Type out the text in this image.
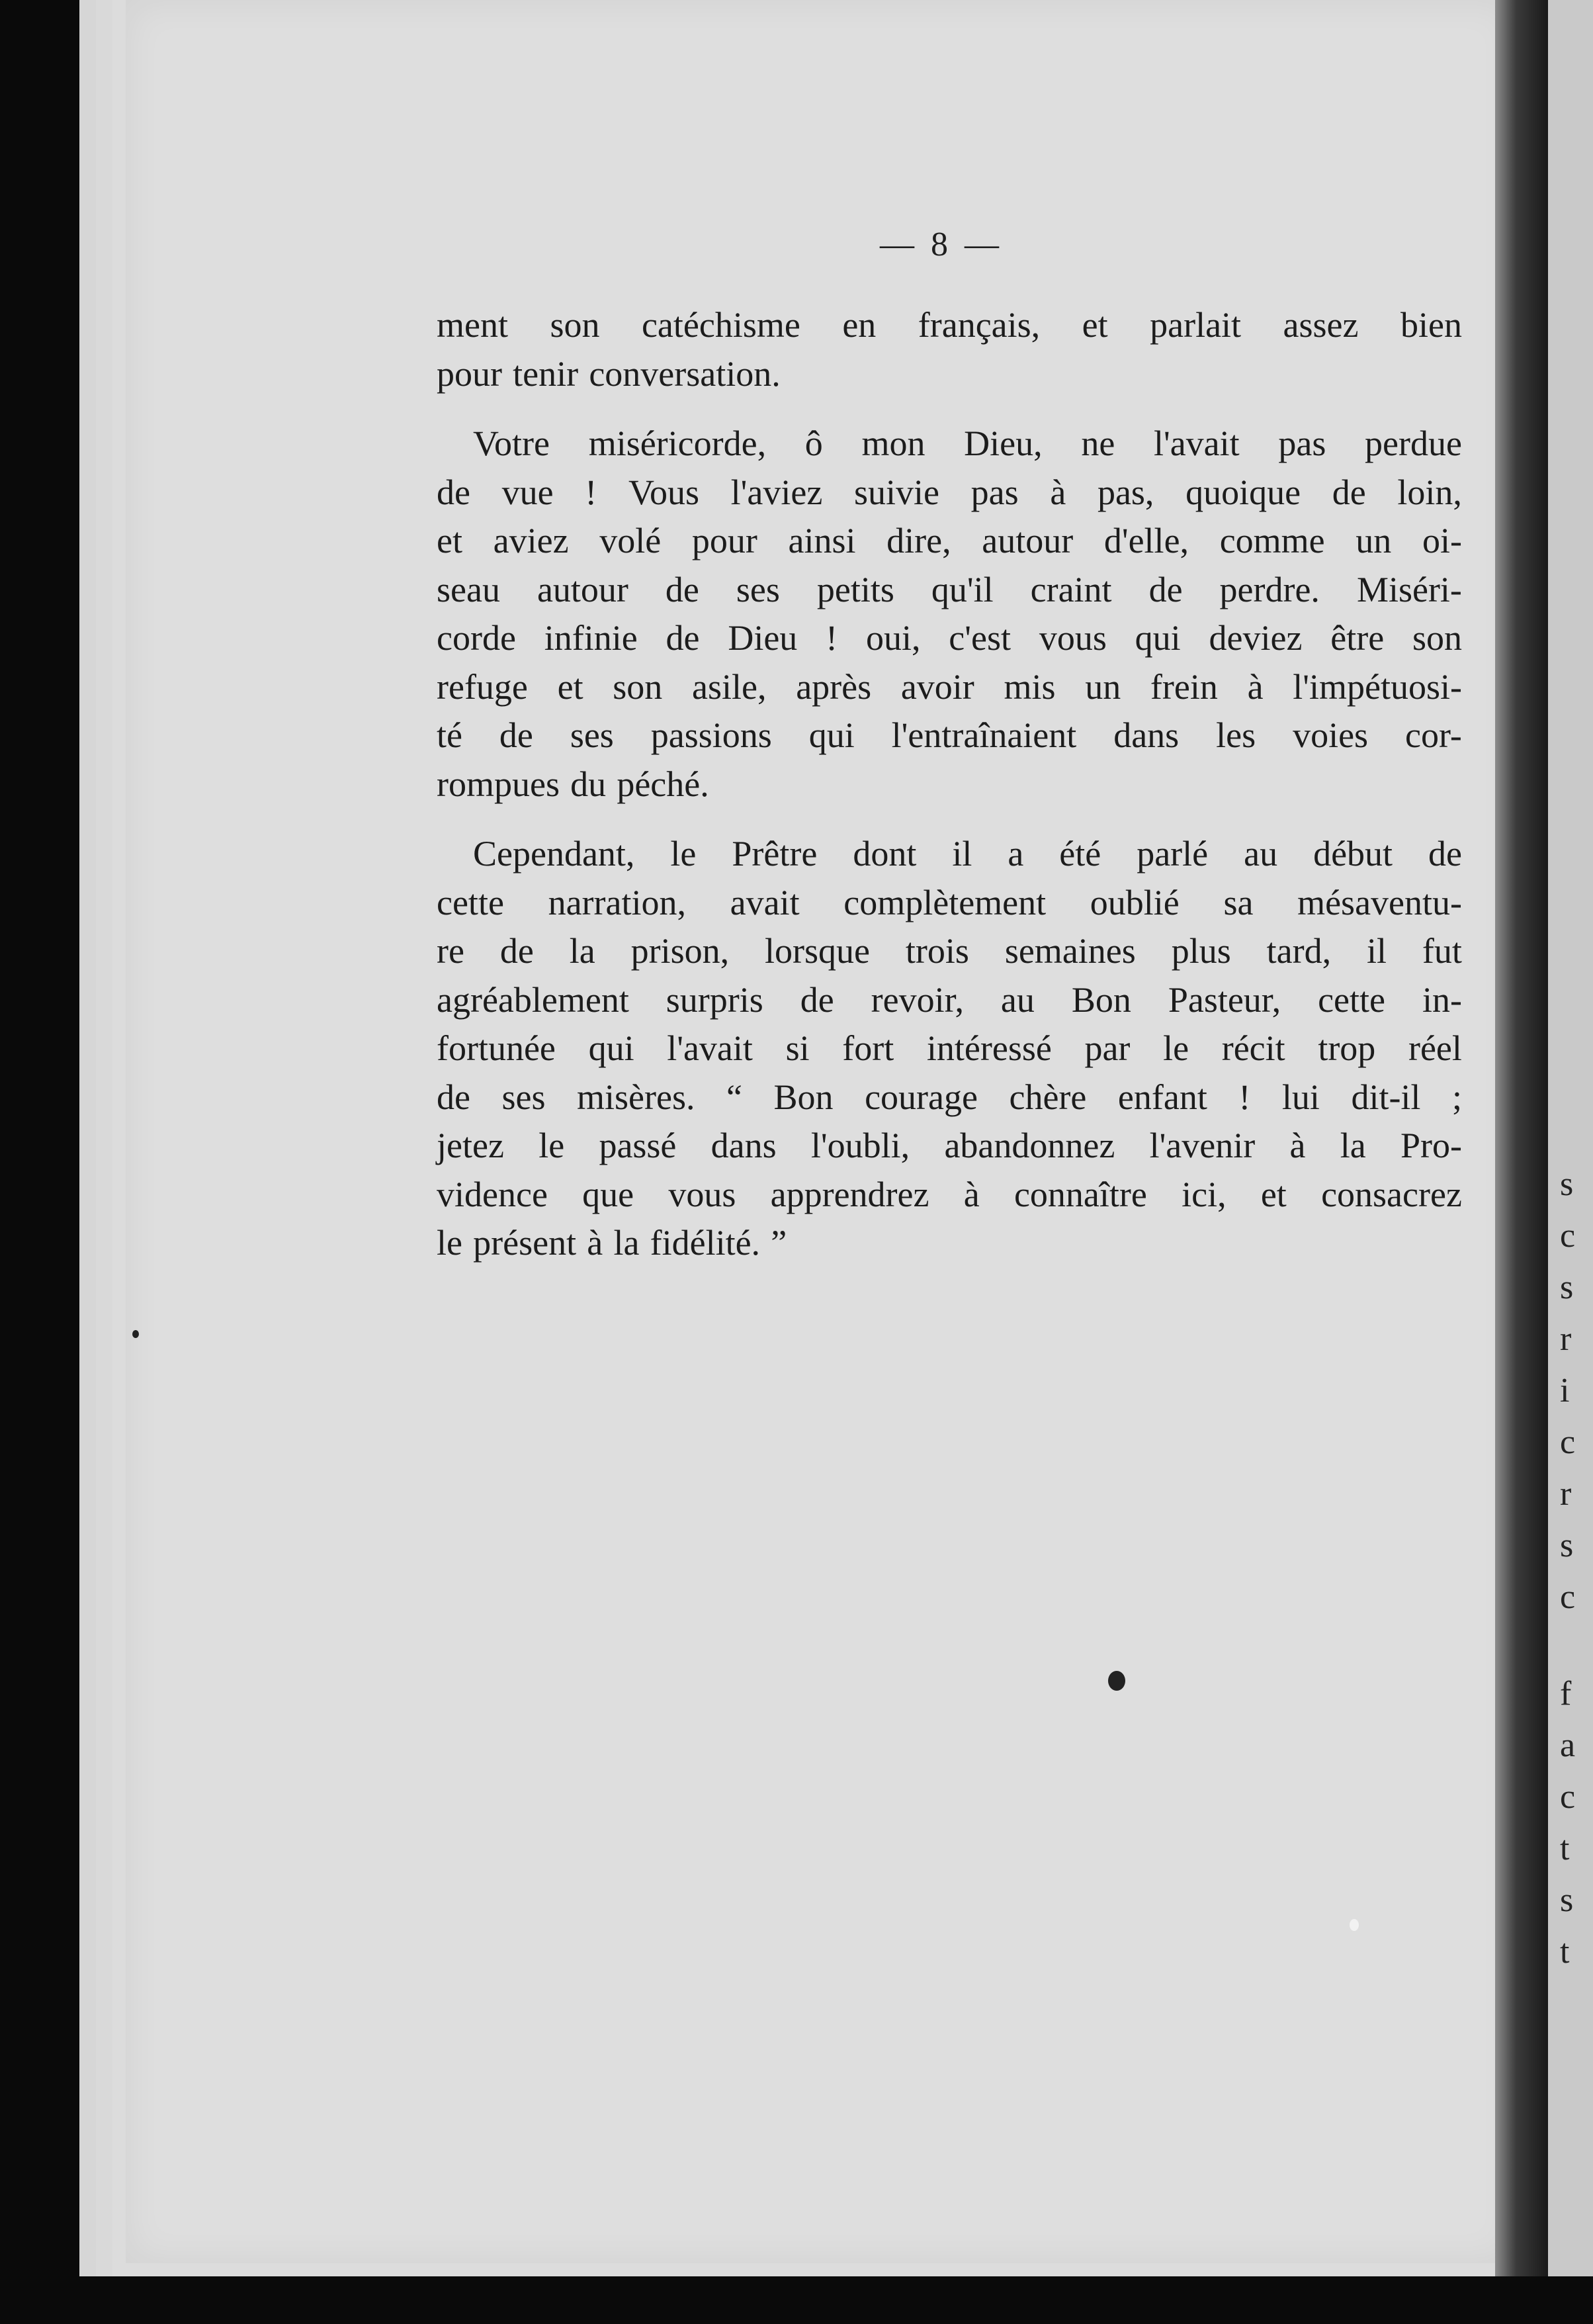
— 8 —
ment son catéchisme en français, et parlait assez bien
pour tenir conversation.
Votre miséricorde, ô mon Dieu, ne l'avait pas perdue
de vue ! Vous l'aviez suivie pas à pas, quoique de loin,
et aviez volé pour ainsi dire, autour d'elle, comme un oi-
seau autour de ses petits qu'il craint de perdre. Miséri-
corde infinie de Dieu ! oui, c'est vous qui deviez être son
refuge et son asile, après avoir mis un frein à l'impétuosi-
té de ses passions qui l'entraînaient dans les voies cor-
rompues du péché.
Cependant, le Prêtre dont il a été parlé au début de
cette narration, avait complètement oublié sa mésaventu-
re de la prison, lorsque trois semaines plus tard, il fut
agréablement surpris de revoir, au Bon Pasteur, cette in-
fortunée qui l'avait si fort intéressé par le récit trop réel
de ses misères. “ Bon courage chère enfant ! lui dit-il ;
jetez le passé dans l'oubli, abandonnez l'avenir à la Pro-
vidence que vous apprendrez à connaître ici, et consacrez
le présent à la fidélité. ”
s
c
s
r
i
c
r
s
c
f
a
c
t
s
t
